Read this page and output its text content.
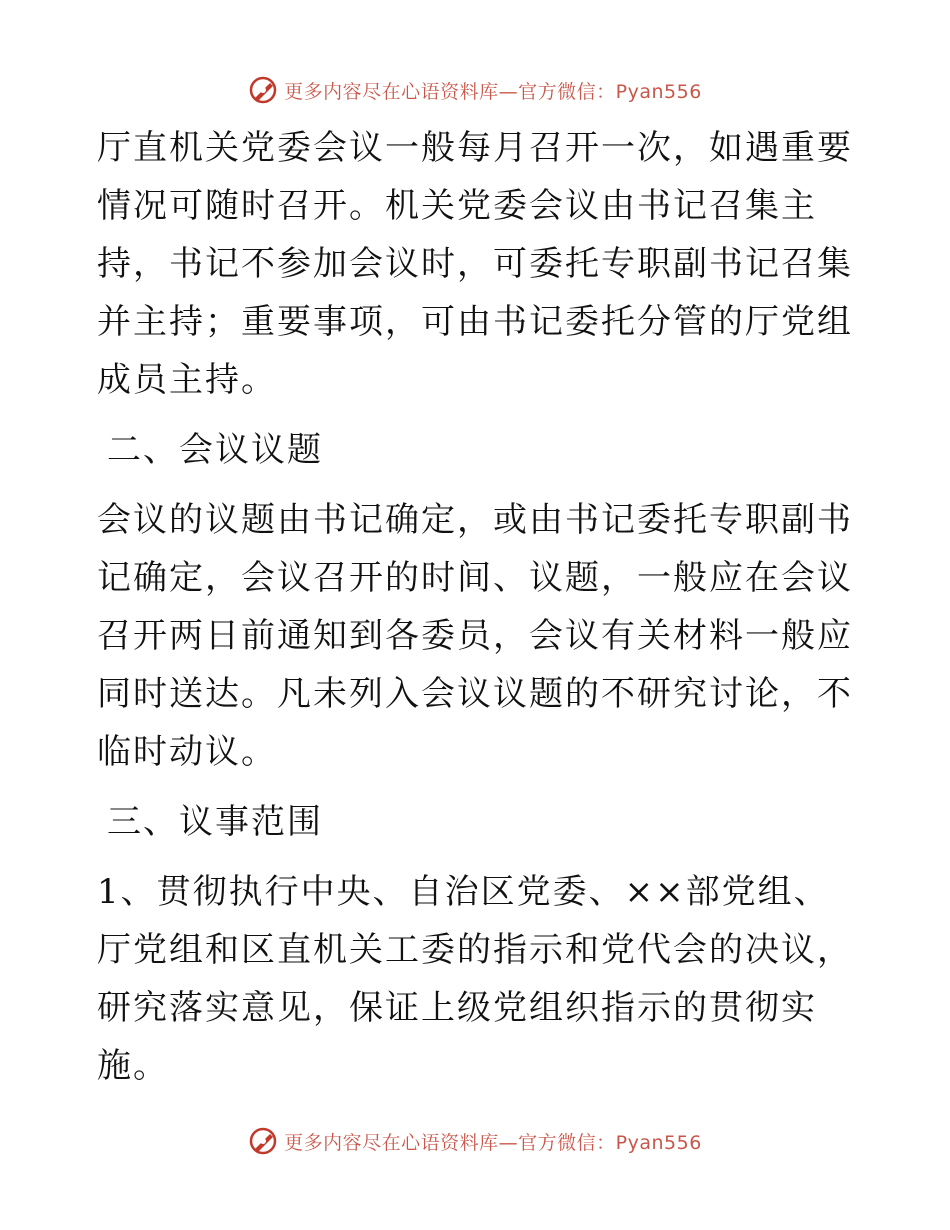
更多内容尽在心语资料库—官方微信：Pyan556

厅直机关党委会议一般每月召开一次，如遇重要情况可随时召开。机关党委会议由书记召集主持，书记不参加会议时，可委托专职副书记召集并主持；重要事项，可由书记委托分管的厅党组成员主持。

二、会议议题

会议的议题由书记确定，或由书记委托专职副书记确定，会议召开的时间、议题，一般应在会议召开两日前通知到各委员，会议有关材料一般应同时送达。凡未列入会议议题的不研究讨论，不临时动议。

三、议事范围

1、贯彻执行中央、自治区党委、××部党组、厅党组和区直机关工委的指示和党代会的决议，研究落实意见，保证上级党组织指示的贯彻实施。

更多内容尽在心语资料库—官方微信：Pyan556
